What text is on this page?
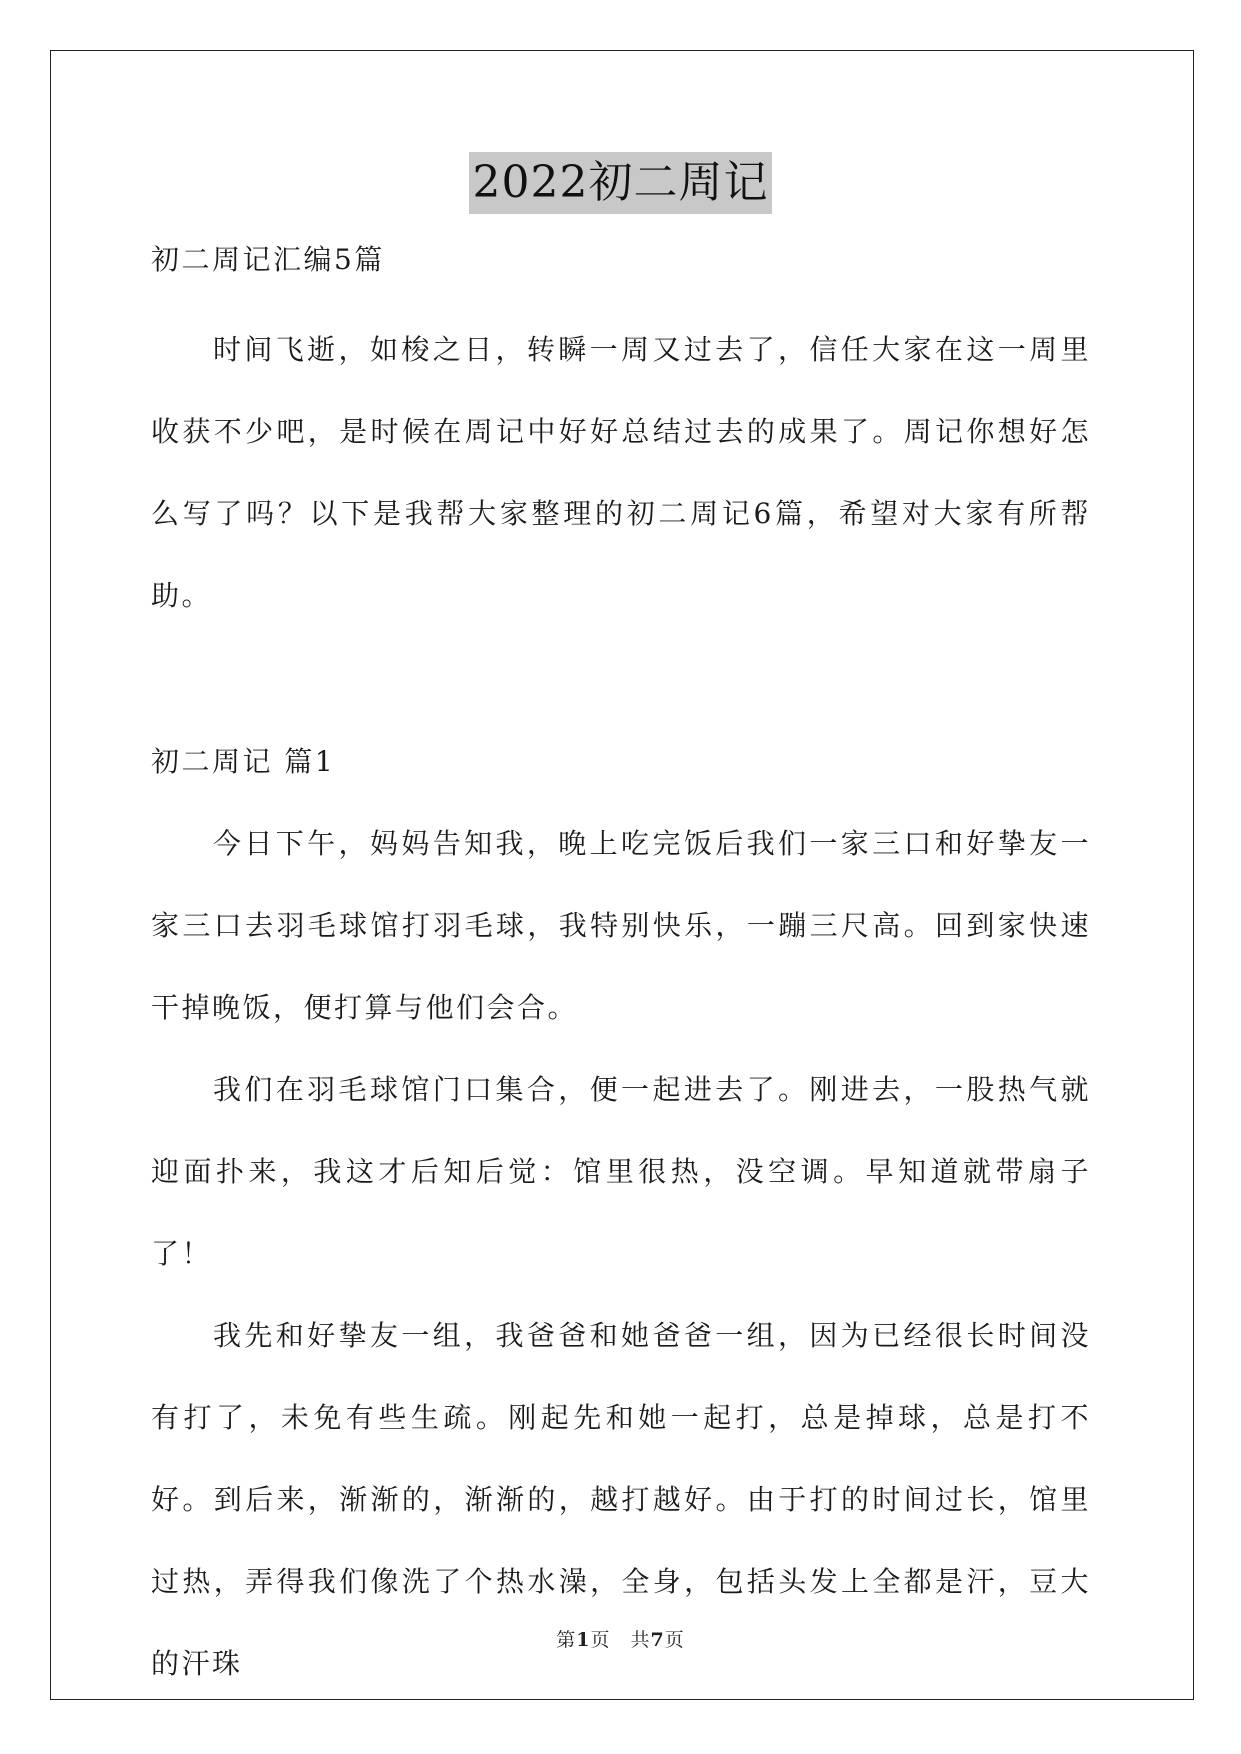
2022初二周记

初二周记汇编5篇

时间飞逝，如梭之日，转瞬一周又过去了，信任大家在这一周里收获不少吧，是时候在周记中好好总结过去的成果了。周记你想好怎么写了吗？以下是我帮大家整理的初二周记6篇，希望对大家有所帮助。

初二周记 篇1

今日下午，妈妈告知我，晚上吃完饭后我们一家三口和好挚友一家三口去羽毛球馆打羽毛球，我特别快乐，一蹦三尺高。回到家快速干掉晚饭，便打算与他们会合。

我们在羽毛球馆门口集合，便一起进去了。刚进去，一股热气就迎面扑来，我这才后知后觉：馆里很热，没空调。早知道就带扇子了！

我先和好挚友一组，我爸爸和她爸爸一组，因为已经很长时间没有打了，未免有些生疏。刚起先和她一起打，总是掉球，总是打不好。到后来，渐渐的，渐渐的，越打越好。由于打的时间过长，馆里过热，弄得我们像洗了个热水澡，全身，包括头发上全都是汗，豆大的汗珠

第1页　共7页
